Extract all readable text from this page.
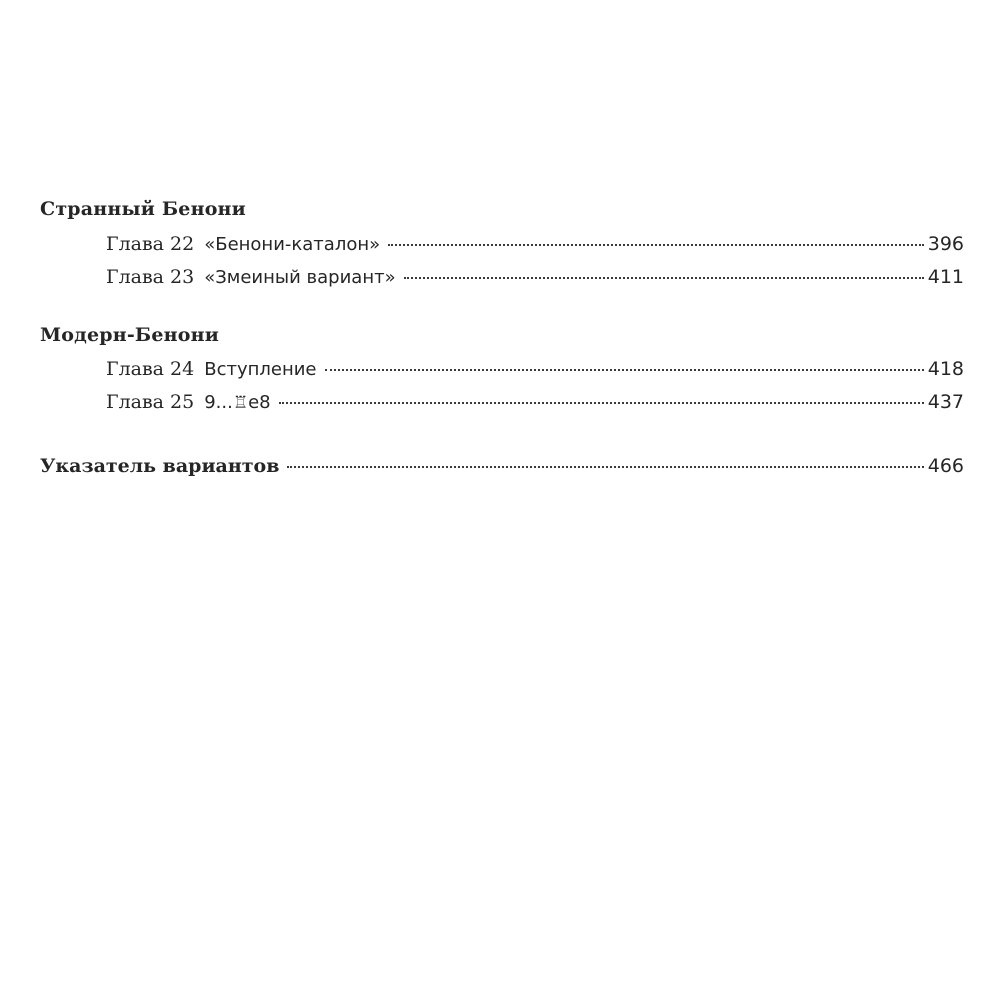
Странный Бенони
Глава 22 «Бенони-каталон»	396
Глава 23 «Змеиный вариант»	411
Модерн-Бенони
Глава 24 Вступление	418
Глава 25 9...♖e8	437
Указатель вариантов	466
